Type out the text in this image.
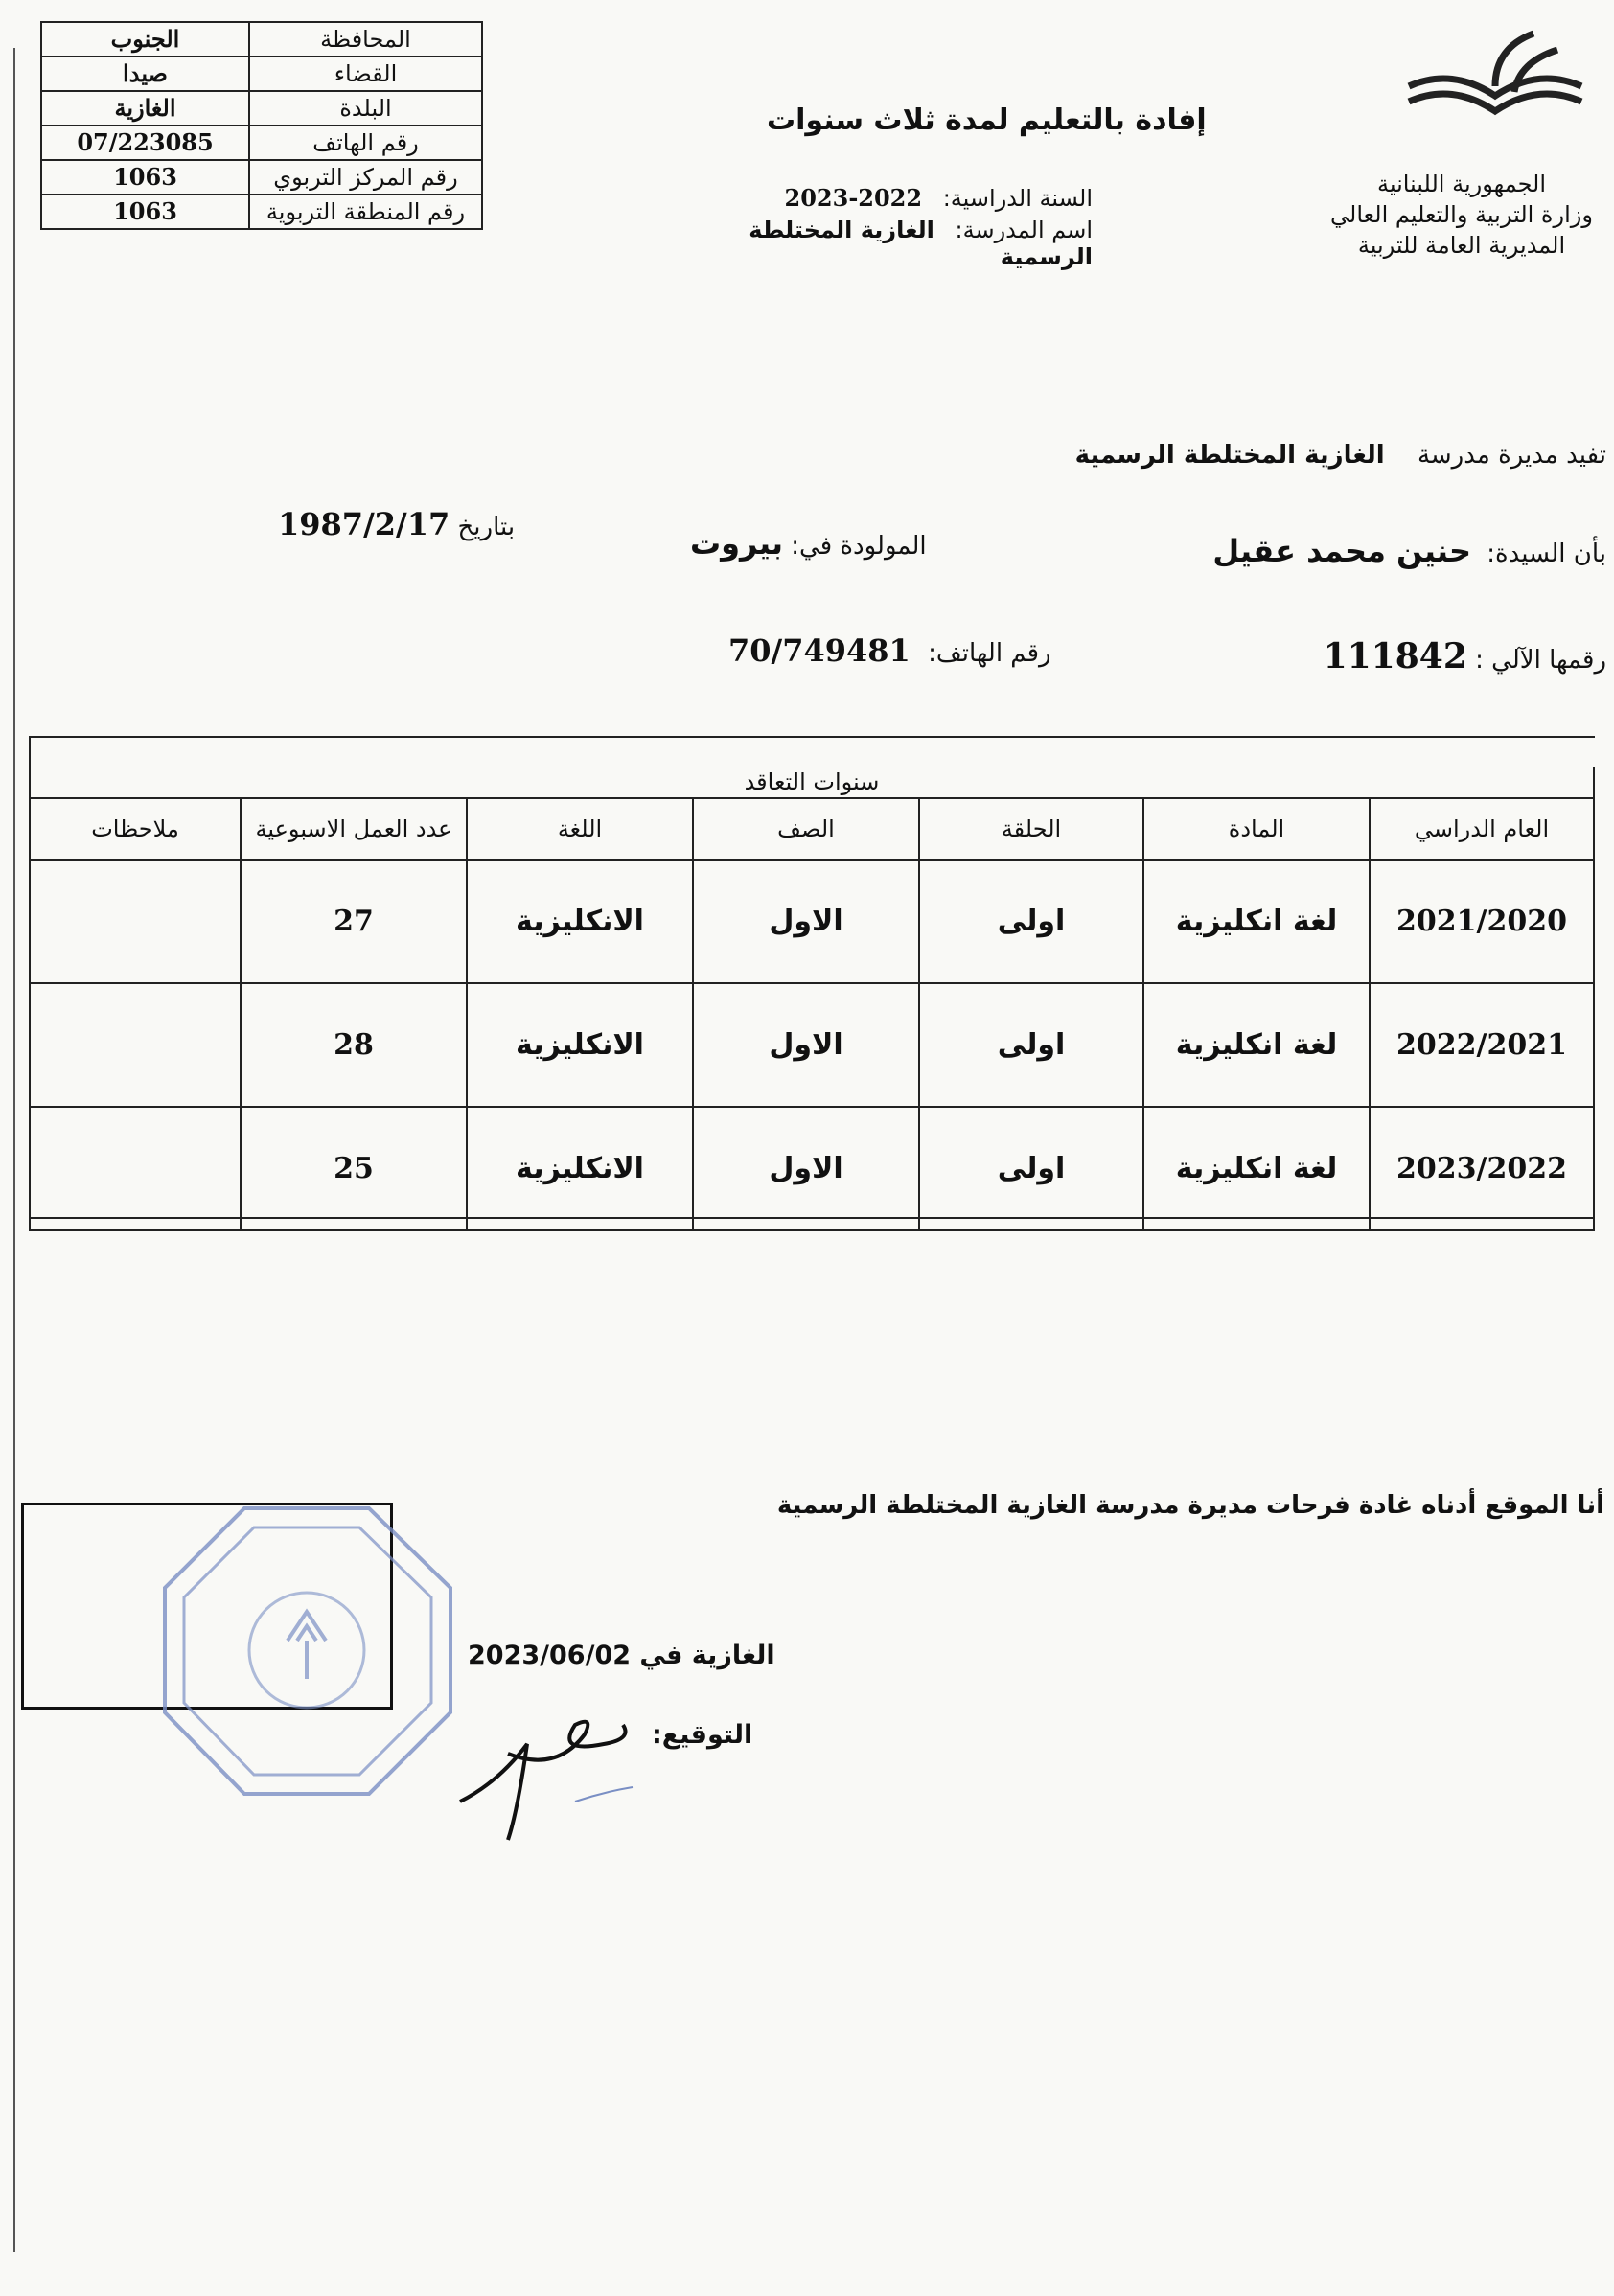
المحافظة	الجنوب
القضاء	صيدا
البلدة	الغازية
رقم الهاتف	07/223085
رقم المركز التربوي	1063
رقم المنطقة التربوية	1063
إفادة بالتعليم لمدة ثلاث سنوات
السنة الدراسية: 2022-2023
اسم المدرسة: الغازية المختلطة الرسمية
الجمهورية اللبنانية
وزارة التربية والتعليم العالي
المديرية العامة للتربية
تفيد مديرة مدرسة الغازية المختلطة الرسمية
بأن السيدة: حنين محمد عقيل
المولودة في: بيروت
بتاريخ 1987/2/17
رقمها الآلي : 111842
رقم الهاتف: 70/749481
سنوات التعاقد						
العام الدراسي	المادة	الحلقة	الصف	اللغة	عدد العمل الاسبوعية	ملاحظات
2021/2020	لغة انكليزية	اولى	الاول	الانكليزية	27	
2022/2021	لغة انكليزية	اولى	الاول	الانكليزية	28	
2023/2022	لغة انكليزية	اولى	الاول	الانكليزية	25	
أنا الموقع أدناه غادة فرحات مديرة مدرسة الغازية المختلطة الرسمية
الغازية في 2023/06/02
التوقيع:
